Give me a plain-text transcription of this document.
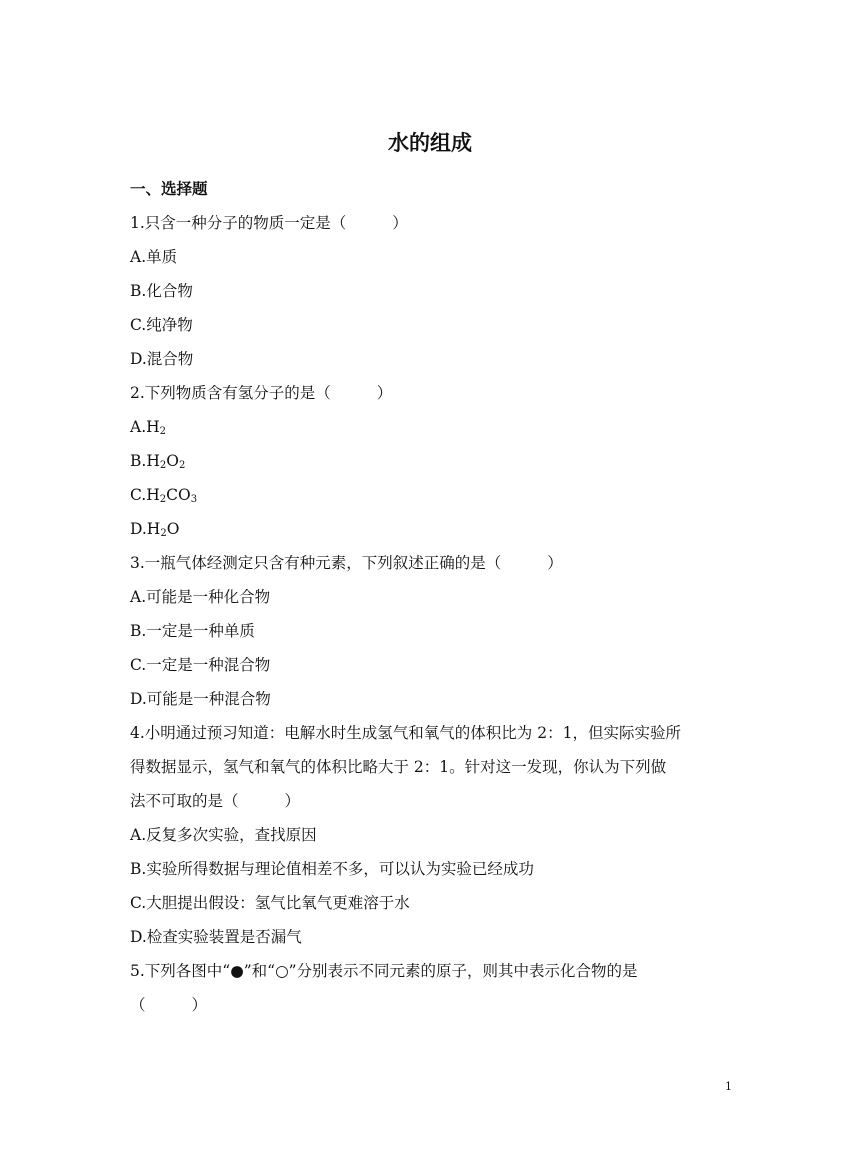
水的组成
一、选择题
1.只含一种分子的物质一定是（	）
A.单质
B.化合物
C.纯净物
D.混合物
2.下列物质含有氢分子的是（	）
$A.H_2$
$B.H_2O_2$
$C.H_2CO_3$
$D.H_2O$
3.一瓶气体经测定只含有种元素，下列叙述正确的是（	）
A.可能是一种化合物
B.一定是一种单质
C.一定是一种混合物
D.可能是一种混合物
4.小明通过预习知道：电解水时生成氢气和氧气的体积比为 2：1，但实际实验所
得数据显示，氢气和氧气的体积比略大于 2：1。针对这一发现，你认为下列做
法不可取的是（	）
A.反复多次实验，查找原因
B.实验所得数据与理论值相差不多，可以认为实验已经成功
C.大胆提出假设：氢气比氧气更难溶于水
D.检查实验装置是否漏气
5.下列各图中“●”和“○”分别表示不同元素的原子，则其中表示化合物的是
（	）
1
